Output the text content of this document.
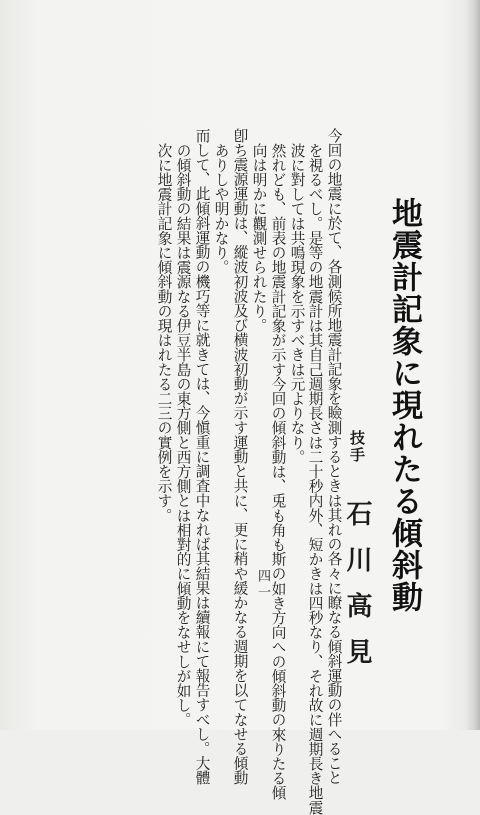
地震計記象に現れたる傾斜動
技手
石川高見
今回の地震に於て、各測候所地震計記象を瞼測するときは其れの各々に瞭なる傾斜運動の伴へること
を視るべし。是等の地震計は其自己週期長さは二十秒内外、短かきは四秒なり、それ故に週期長き地震
波に對しては共鳴現象を示すべきは元よりなり。
然れども、前表の地震計記象が示す今回の傾斜動は、兎も角も斯の如き方向への傾斜動の來りたる傾
向は明かに觀測せられたり。
卽ち震源運動は、縱波初波及び横波初動が示す運動と共に、更に稍や緩かなる週期を以てなせる傾動
ありしや明かなり。
而して、此傾斜運動の機巧等に就きては、今愼重に調査中なれば其結果は續報にて報告すべし。大體
の傾斜動の結果は震源なる伊豆半島の東方側と西方側とは相對的に傾動をなせしが如し。
次に地震計記象に傾斜動の現はれたる二三の實例を示す。
四一
